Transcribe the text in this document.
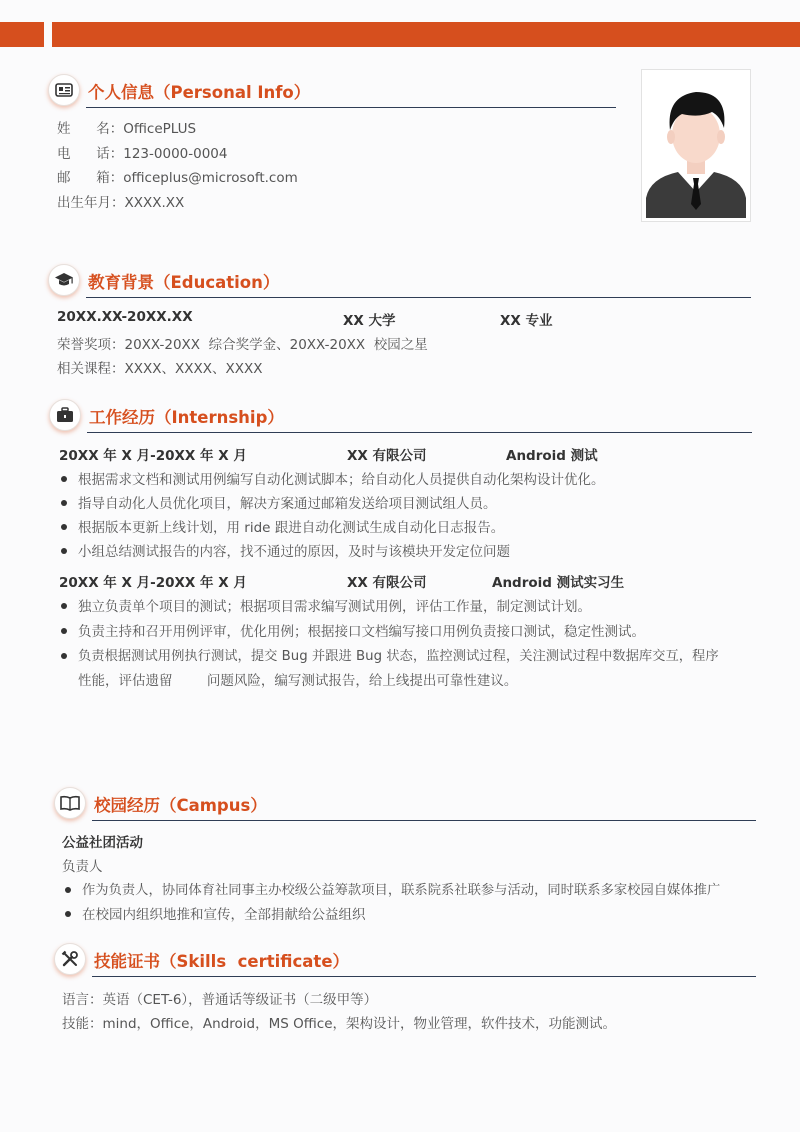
个人信息（Personal Info）
姓      名：OfficePLUS
电      话：123-0000-0004
邮      箱：officeplus@microsoft.com
出生年月：XXXX.XX
教育背景（Education）
20XX.XX-20XX.XX	XX 大学	XX 专业
荣誉奖项：20XX-20XX  综合奖学金、20XX-20XX  校园之星
相关课程：XXXX、XXXX、XXXX
工作经历（Internship）
20XX 年 X 月-20XX 年 X 月	XX 有限公司	Android 测试
根据需求文档和测试用例编写自动化测试脚本；给自动化人员提供自动化架构设计优化。
指导自动化人员优化项目，解决方案通过邮箱发送给项目测试组人员。
根据版本更新上线计划，用 ride 跟进自动化测试生成自动化日志报告。
小组总结测试报告的内容，找不通过的原因，及时与该模块开发定位问题
20XX 年 X 月-20XX 年 X 月	XX 有限公司	Android 测试实习生
独立负责单个项目的测试；根据项目需求编写测试用例，评估工作量，制定测试计划。
负责主持和召开用例评审，优化用例；根据接口文档编写接口用例负责接口测试，稳定性测试。
负责根据测试用例执行测试，提交 Bug 并跟进 Bug 状态，监控测试过程，关注测试过程中数据库交互，程序
性能，评估遗留        问题风险，编写测试报告，给上线提出可靠性建议。
校园经历（Campus）
公益社团活动
负责人
作为负责人，协同体育社同事主办校级公益筹款项目，联系院系社联参与活动，同时联系多家校园自媒体推广
在校园内组织地推和宣传，全部捐献给公益组织
技能证书（Skills  certificate）
语言：英语（CET-6），普通话等级证书（二级甲等）
技能：mind，Office，Android，MS Office，架构设计，物业管理，软件技术，功能测试。
